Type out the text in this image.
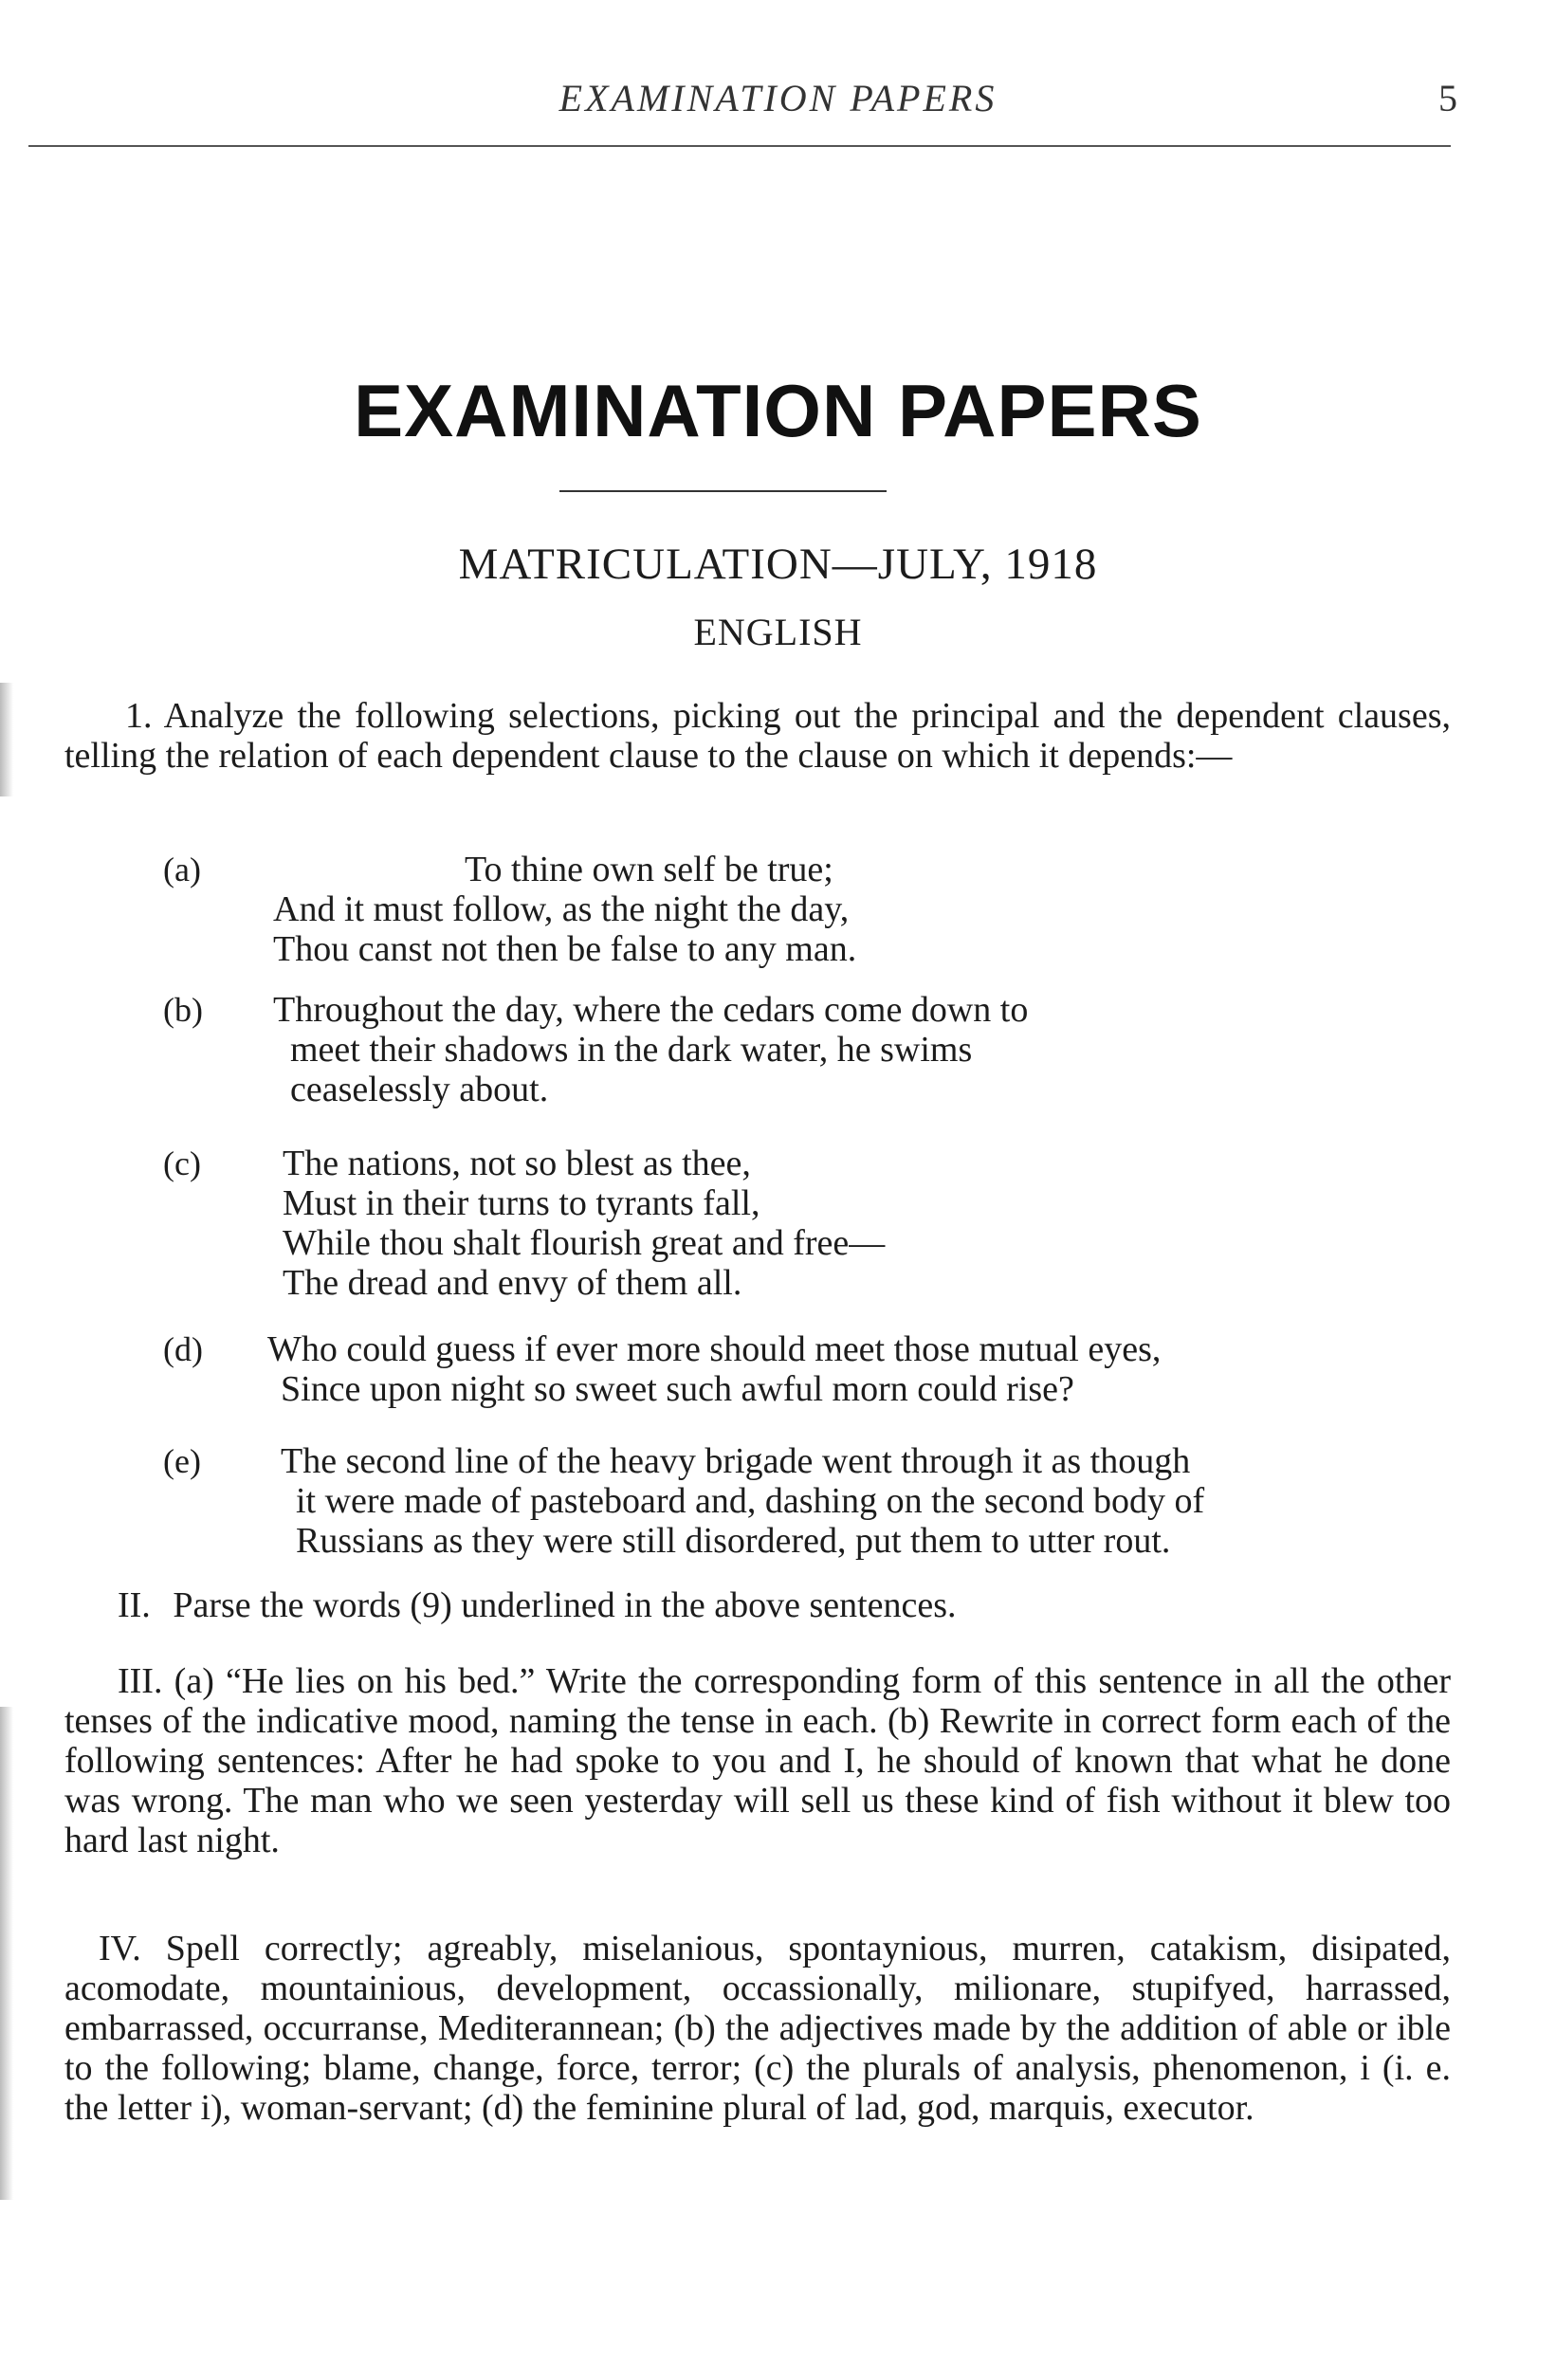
EXAMINATION PAPERS	5
EXAMINATION PAPERS
MATRICULATION—JULY, 1918
ENGLISH
1. Analyze the following selections, picking out the principal and the dependent clauses, telling the relation of each dependent clause to the clause on which it depends:—
(a)	To thine own self be true;
And it must follow, as the night the day,
Thou canst not then be false to any man.
(b) Throughout the day, where the cedars come down to
meet their shadows in the dark water, he swims
ceaselessly about.
(c) The nations, not so blest as thee,
Must in their turns to tyrants fall,
While thou shalt flourish great and free—
The dread and envy of them all.
(d) Who could guess if ever more should meet those mutual eyes,
Since upon night so sweet such awful morn could rise?
(e) The second line of the heavy brigade went through it as though
it were made of pasteboard and, dashing on the second body of
Russians as they were still disordered, put them to utter rout.
II. Parse the words (9) underlined in the above sentences.
III. (a) “He lies on his bed.” Write the corresponding form of this sentence in all the other tenses of the indicative mood, naming the tense in each. (b) Rewrite in correct form each of the following sentences: After he had spoke to you and I, he should of known that what he done was wrong. The man who we seen yesterday will sell us these kind of fish without it blew too hard last night.
IV. Spell correctly; agreably, miselanious, spontaynious, murren, catakism, disipated, acomodate, mountainious, development, occassionally, milionare, stupifyed, harrassed, embarrassed, occurranse, Mediterannean; (b) the adjectives made by the addition of able or ible to the following; blame, change, force, terror; (c) the plurals of analysis, phenomenon, i (i. e. the letter i), woman-servant; (d) the feminine plural of lad, god, marquis, executor.
